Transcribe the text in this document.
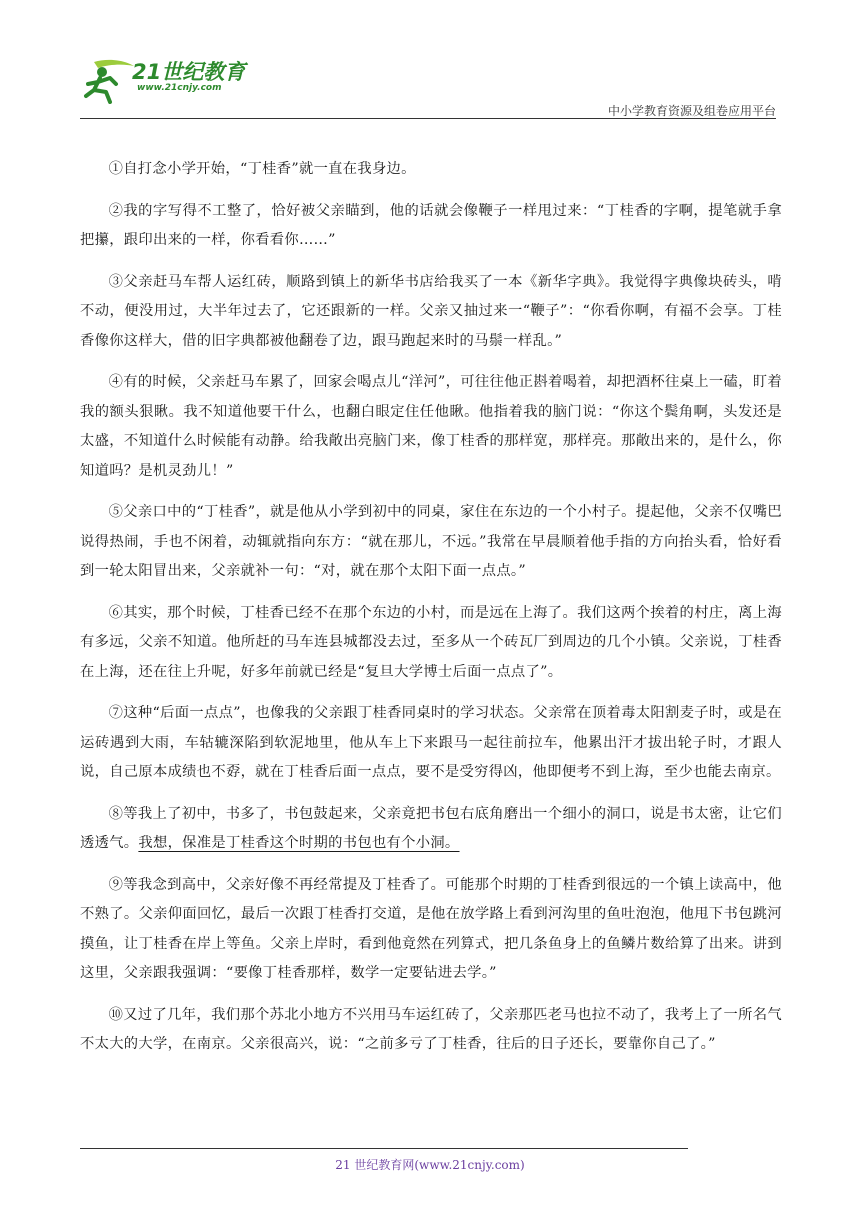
21世纪教育
www.21cnjy.com
中小学教育资源及组卷应用平台

①自打念小学开始，“丁桂香”就一直在我身边。

②我的字写得不工整了，恰好被父亲瞄到，他的话就会像鞭子一样甩过来：“丁桂香的字啊，提笔就手拿把攥，跟印出来的一样，你看看你……”

③父亲赶马车帮人运红砖，顺路到镇上的新华书店给我买了一本《新华字典》。我觉得字典像块砖头，啃不动，便没用过，大半年过去了，它还跟新的一样。父亲又抽过来一“鞭子”：“你看你啊，有福不会享。丁桂香像你这样大，借的旧字典都被他翻卷了边，跟马跑起来时的马鬃一样乱。”

④有的时候，父亲赶马车累了，回家会喝点儿“洋河”，可往往他正斟着喝着，却把酒杯往桌上一磕，盯着我的额头狠瞅。我不知道他要干什么，也翻白眼定住任他瞅。他指着我的脑门说：“你这个鬓角啊，头发还是太盛，不知道什么时候能有动静。给我敞出亮脑门来，像丁桂香的那样宽，那样亮。那敞出来的，是什么，你知道吗？是机灵劲儿！”

⑤父亲口中的“丁桂香”，就是他从小学到初中的同桌，家住在东边的一个小村子。提起他，父亲不仅嘴巴说得热闹，手也不闲着，动辄就指向东方：“就在那儿，不远。”我常在早晨顺着他手指的方向抬头看，恰好看到一轮太阳冒出来，父亲就补一句：“对，就在那个太阳下面一点点。”

⑥其实，那个时候，丁桂香已经不在那个东边的小村，而是远在上海了。我们这两个挨着的村庄，离上海有多远，父亲不知道。他所赶的马车连县城都没去过，至多从一个砖瓦厂到周边的几个小镇。父亲说，丁桂香在上海，还在往上升呢，好多年前就已经是“复旦大学博士后面一点点了”。

⑦这种“后面一点点”，也像我的父亲跟丁桂香同桌时的学习状态。父亲常在顶着毒太阳割麦子时，或是在运砖遇到大雨，车轱辘深陷到软泥地里，他从车上下来跟马一起往前拉车，他累出汗才拔出轮子时，才跟人说，自己原本成绩也不孬，就在丁桂香后面一点点，要不是受穷得凶，他即便考不到上海，至少也能去南京。

⑧等我上了初中，书多了，书包鼓起来，父亲竟把书包右底角磨出一个细小的洞口，说是书太密，让它们透透气。我想，保准是丁桂香这个时期的书包也有个小洞。

⑨等我念到高中，父亲好像不再经常提及丁桂香了。可能那个时期的丁桂香到很远的一个镇上读高中，他不熟了。父亲仰面回忆，最后一次跟丁桂香打交道，是他在放学路上看到河沟里的鱼吐泡泡，他甩下书包跳河摸鱼，让丁桂香在岸上等鱼。父亲上岸时，看到他竟然在列算式，把几条鱼身上的鱼鳞片数给算了出来。讲到这里，父亲跟我强调：“要像丁桂香那样，数学一定要钻进去学。”

⑩又过了几年，我们那个苏北小地方不兴用马车运红砖了，父亲那匹老马也拉不动了，我考上了一所名气不太大的大学，在南京。父亲很高兴，说：“之前多亏了丁桂香，往后的日子还长，要靠你自己了。”

21 世纪教育网(www.21cnjy.com)
